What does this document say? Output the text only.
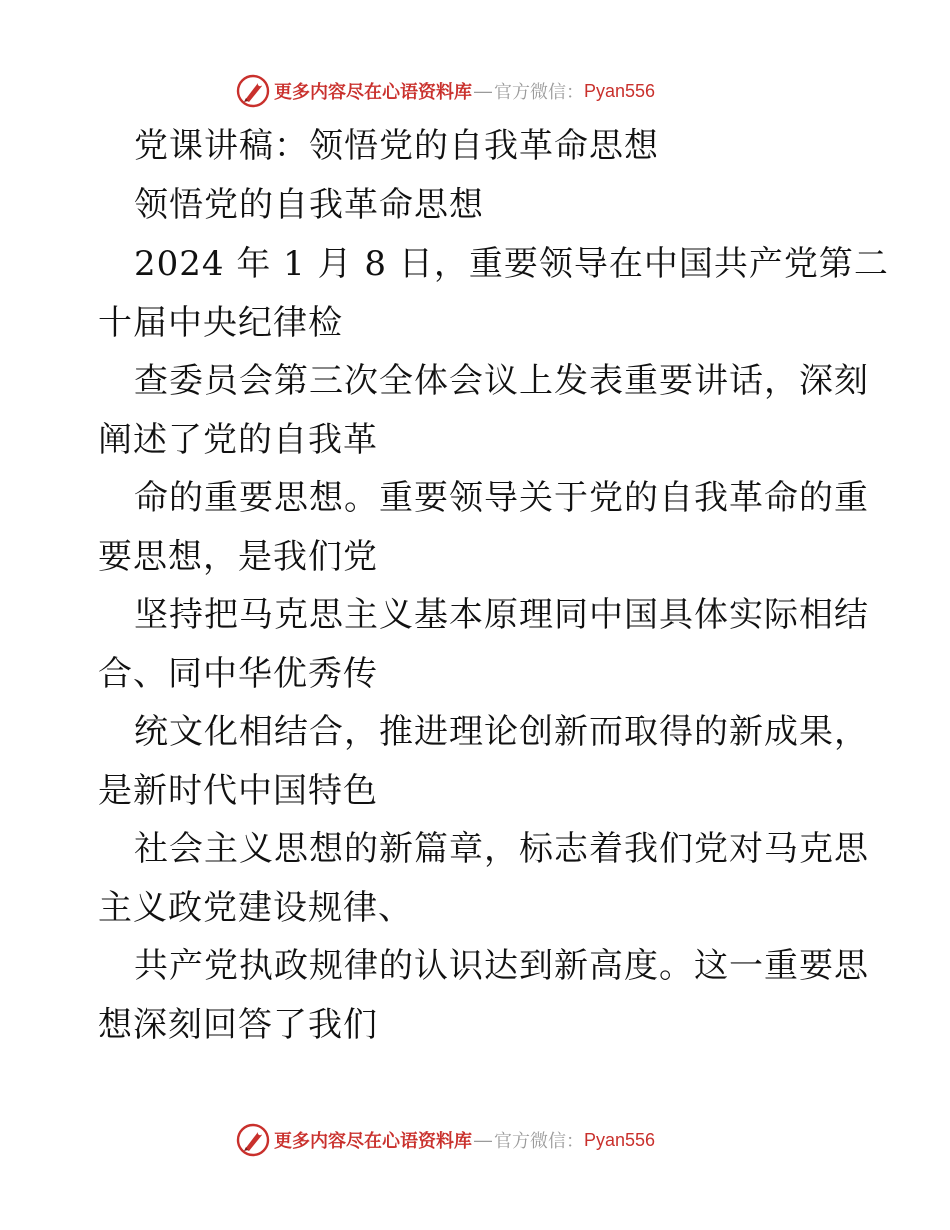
更多内容尽在心语资料库 — 官方微信： Pyan556
党课讲稿：领悟党的自我革命思想
领悟党的自我革命思想
2024 年 1 月 8 日，重要领导在中国共产党第二
十届中央纪律检
查委员会第三次全体会议上发表重要讲话，深刻
阐述了党的自我革
命的重要思想。重要领导关于党的自我革命的重
要思想，是我们党
坚持把马克思主义基本原理同中国具体实际相结
合、同中华优秀传
统文化相结合，推进理论创新而取得的新成果，
是新时代中国特色
社会主义思想的新篇章，标志着我们党对马克思
主义政党建设规律、
共产党执政规律的认识达到新高度。这一重要思
想深刻回答了我们
更多内容尽在心语资料库 — 官方微信： Pyan556
